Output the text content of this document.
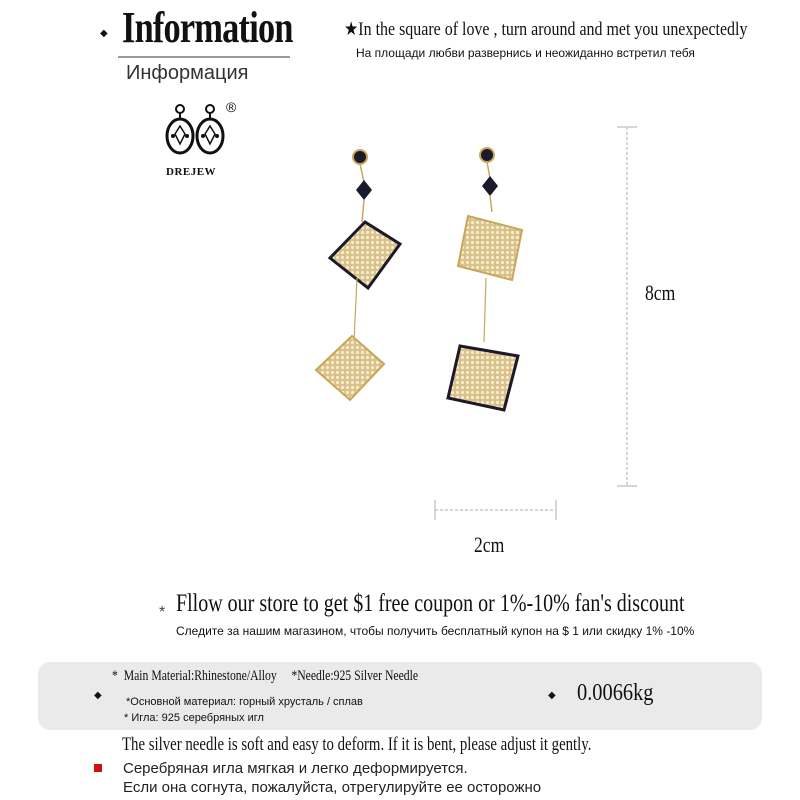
◆ Information
Информация
★In the square of love , turn around and met you unexpectedly
На площади любви развернись и неожиданно встретил тебя
®
DREJEW
8cm
2cm
* Fllow our store to get $1 free coupon or 1%-10% fan's discount
Следите за нашим магазином, чтобы получить бесплатный купон на $ 1 или скидку 1% -10%
*  Main Material:Rhinestone/Alloy     *Needle:925 Silver Needle
◆
*Основной материал: горный хрусталь / сплав
* Игла: 925 серебряных игл
◆ 0.0066kg
The silver needle is soft and easy to deform. If it is bent, please adjust it gently.
Серебряная игла мягкая и легко деформируется.
Если она согнута, пожалуйста, отрегулируйте ее осторожно
